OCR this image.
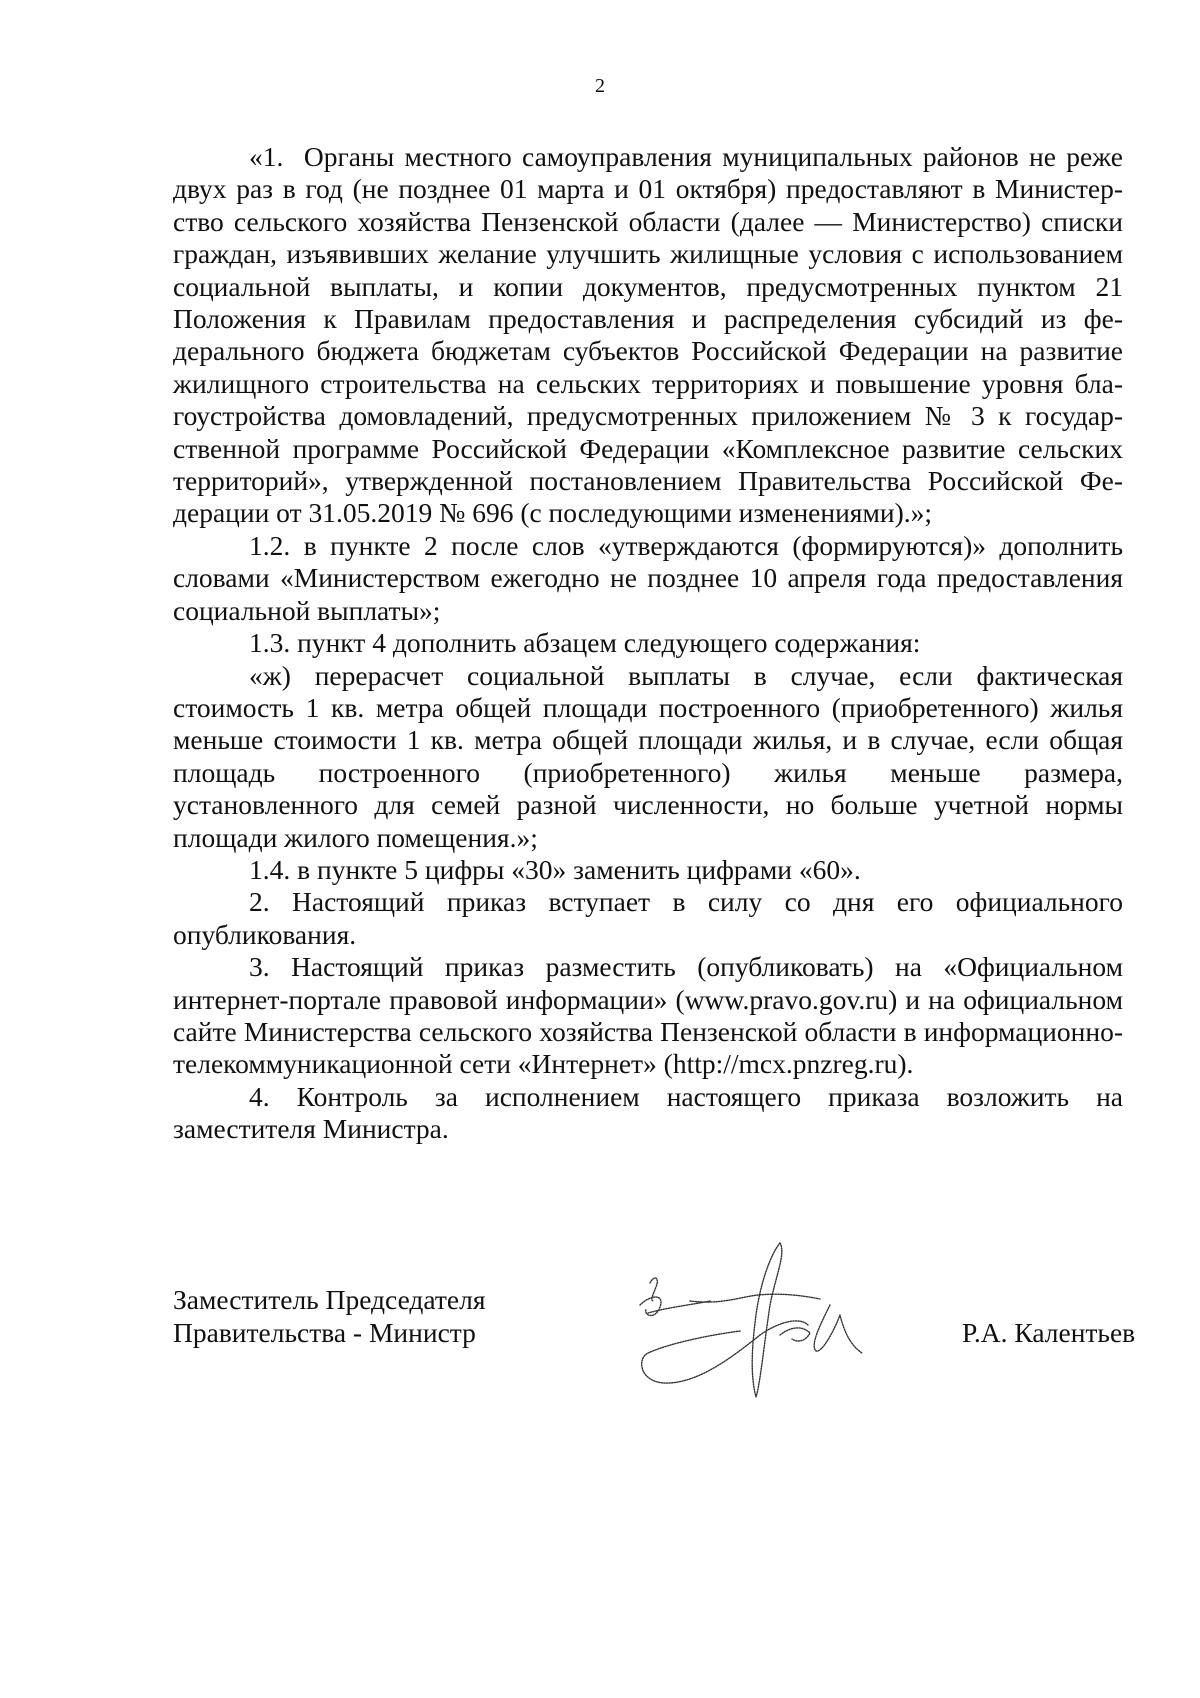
2

«1.  Органы местного самоуправления муниципальных районов не реже двух раз в год (не позднее 01 марта и 01 октября) предоставляют в Министерство сельского хозяйства Пензенской области (далее — Министерство) списки граждан, изъявивших желание улучшить жилищные условия с использованием социальной выплаты, и копии документов, предусмотренных пунктом 21 Положения к Правилам предоставления и распределения субсидий из федерального бюджета бюджетам субъектов Российской Федерации на развитие жилищного строительства на сельских территориях и повышение уровня благоустройства домовладений, предусмотренных приложением № 3 к государственной программе Российской Федерации «Комплексное развитие сельских территорий», утвержденной постановлением Правительства Российской Федерации от 31.05.2019 № 696 (с последующими изменениями).»;

1.2. в пункте 2 после слов «утверждаются (формируются)» дополнить словами «Министерством ежегодно не позднее 10 апреля года предоставления социальной выплаты»;

1.3. пункт 4 дополнить абзацем следующего содержания:

«ж) перерасчет социальной выплаты в случае, если фактическая стоимость 1 кв. метра общей площади построенного (приобретенного) жилья меньше стоимости 1 кв. метра общей площади жилья, и в случае, если общая площадь построенного (приобретенного) жилья меньше размера, установленного для семей разной численности, но больше учетной нормы площади жилого помещения.»;

1.4. в пункте 5 цифры «30» заменить цифрами «60».

2. Настоящий приказ вступает в силу со дня его официального опубликования.

3. Настоящий приказ разместить (опубликовать) на «Официальном интернет-портале правовой информации» (www.pravo.gov.ru) и на официальном сайте Министерства сельского хозяйства Пензенской области в информационно-телекоммуникационной сети «Интернет» (http://mcx.pnzreg.ru).

4. Контроль за исполнением настоящего приказа возложить на заместителя Министра.

Заместитель Председателя
Правительства - Министр	Р.А. Калентьев
